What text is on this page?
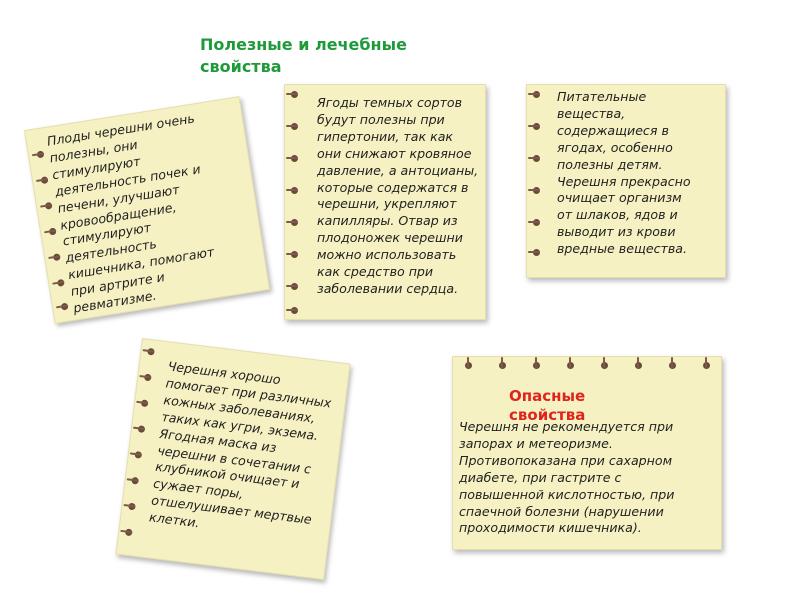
Полезные и лечебные
свойства
Плоды черешни очень
полезны, они
стимулируют
деятельность почек и
печени, улучшают
кровообращение,
стимулируют
деятельность
кишечника, помогают
при артрите и
ревматизме.
Ягоды темных сортов
будут полезны при
гипертонии, так как
они снижают кровяное
давление, а антоцианы,
которые содержатся в
черешни, укрепляют
капилляры. Отвар из
плодоножек черешни
можно использовать
как средство при
заболевании сердца.
Питательные
вещества,
содержащиеся в
ягодах, особенно
полезны детям.
Черешня прекрасно
очищает организм
от шлаков, ядов и
выводит из крови
вредные вещества.
Черешня хорошо
помогает при различных
кожных заболеваниях,
таких как угри, экзема.
Ягодная маска из
черешни в сочетании с
клубникой очищает и
сужает поры,
отшелушивает мертвые
клетки.
Опасные
свойства
Черешня не рекомендуется при
запорах и метеоризме.
Противопоказана при сахарном
диабете, при гастрите с
повышенной кислотностью, при
спаечной болезни (нарушении
проходимости кишечника).
